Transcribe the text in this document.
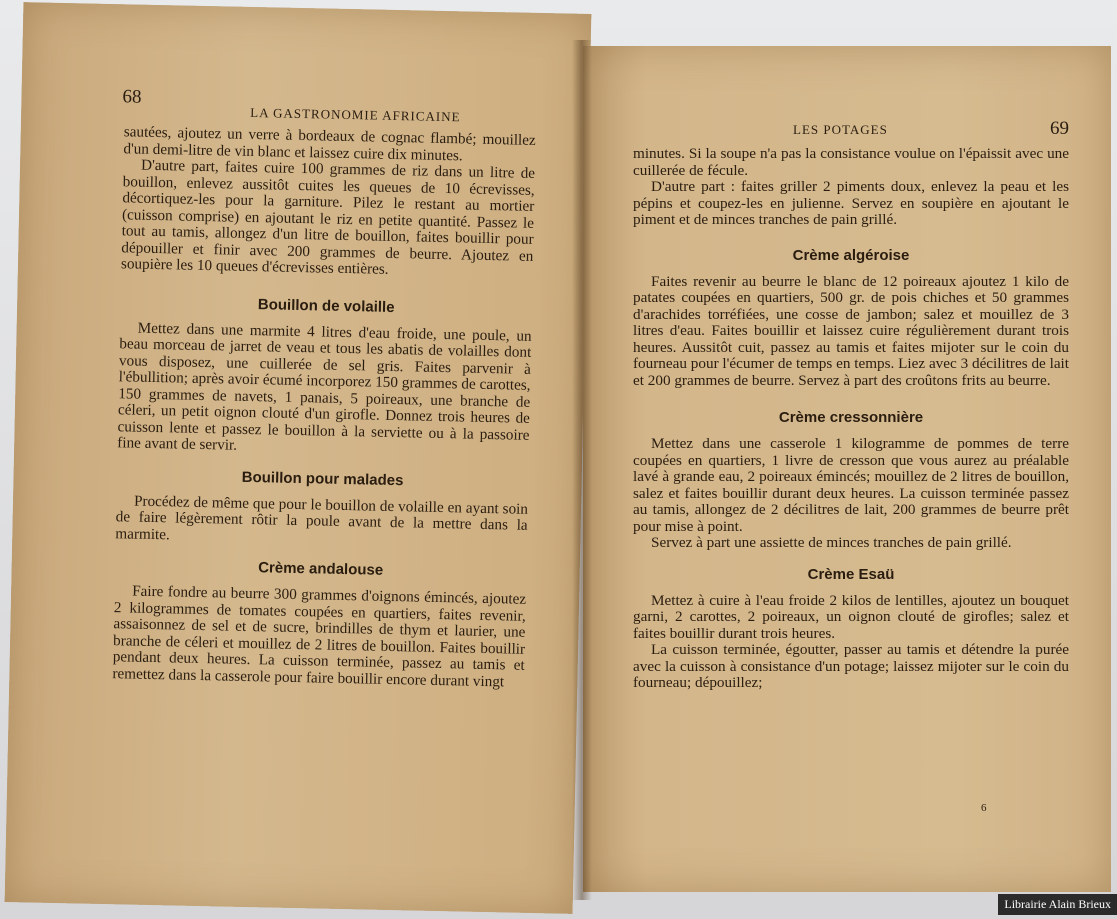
68
LA GASTRONOMIE AFRICAINE

sautées, ajoutez un verre à bordeaux de cognac flambé; mouillez d'un demi-litre de vin blanc et laissez cuire dix minutes.

D'autre part, faites cuire 100 grammes de riz dans un litre de bouillon, enlevez aussitôt cuites les queues de 10 écrevisses, décortiquez-les pour la garniture. Pilez le restant au mortier (cuisson comprise) en ajoutant le riz en petite quantité. Passez le tout au tamis, allongez d'un litre de bouillon, faites bouillir pour dépouiller et finir avec 200 grammes de beurre. Ajoutez en soupière les 10 queues d'écrevisses entières.

Bouillon de volaille

Mettez dans une marmite 4 litres d'eau froide, une poule, un beau morceau de jarret de veau et tous les abatis de volailles dont vous disposez, une cuillerée de sel gris. Faites parvenir à l'ébullition; après avoir écumé incorporez 150 grammes de carottes, 150 grammes de navets, 1 panais, 5 poireaux, une branche de céleri, un petit oignon clouté d'un girofle. Donnez trois heures de cuisson lente et passez le bouillon à la serviette ou à la passoire fine avant de servir.

Bouillon pour malades

Procédez de même que pour le bouillon de volaille en ayant soin de faire légèrement rôtir la poule avant de la mettre dans la marmite.

Crème andalouse

Faire fondre au beurre 300 grammes d'oignons émincés, ajoutez 2 kilogrammes de tomates coupées en quartiers, faites revenir, assaisonnez de sel et de sucre, brindilles de thym et laurier, une branche de céleri et mouillez de 2 litres de bouillon. Faites bouillir pendant deux heures. La cuisson terminée, passez au tamis et remettez dans la casserole pour faire bouillir encore durant vingt

LES POTAGES	69

minutes. Si la soupe n'a pas la consistance voulue on l'épaissit avec une cuillerée de fécule.

D'autre part : faites griller 2 piments doux, enlevez la peau et les pépins et coupez-les en julienne. Servez en soupière en ajoutant le piment et de minces tranches de pain grillé.

Crème algéroise

Faites revenir au beurre le blanc de 12 poireaux ajoutez 1 kilo de patates coupées en quartiers, 500 gr. de pois chiches et 50 grammes d'arachides torréfiées, une cosse de jambon; salez et mouillez de 3 litres d'eau. Faites bouillir et laissez cuire régulièrement durant trois heures. Aussitôt cuit, passez au tamis et faites mijoter sur le coin du fourneau pour l'écumer de temps en temps. Liez avec 3 décilitres de lait et 200 grammes de beurre. Servez à part des croûtons frits au beurre.

Crème cressonnière

Mettez dans une casserole 1 kilogramme de pommes de terre coupées en quartiers, 1 livre de cresson que vous aurez au préalable lavé à grande eau, 2 poireaux émincés; mouillez de 2 litres de bouillon, salez et faites bouillir durant deux heures. La cuisson terminée passez au tamis, allongez de 2 décilitres de lait, 200 grammes de beurre prêt pour mise à point.

Servez à part une assiette de minces tranches de pain grillé.

Crème Esaü

Mettez à cuire à l'eau froide 2 kilos de lentilles, ajoutez un bouquet garni, 2 carottes, 2 poireaux, un oignon clouté de girofles; salez et faites bouillir durant trois heures.

La cuisson terminée, égoutter, passer au tamis et détendre la purée avec la cuisson à consistance d'un potage; laissez mijoter sur le coin du fourneau; dépouillez;

6
Librairie Alain Brieux
